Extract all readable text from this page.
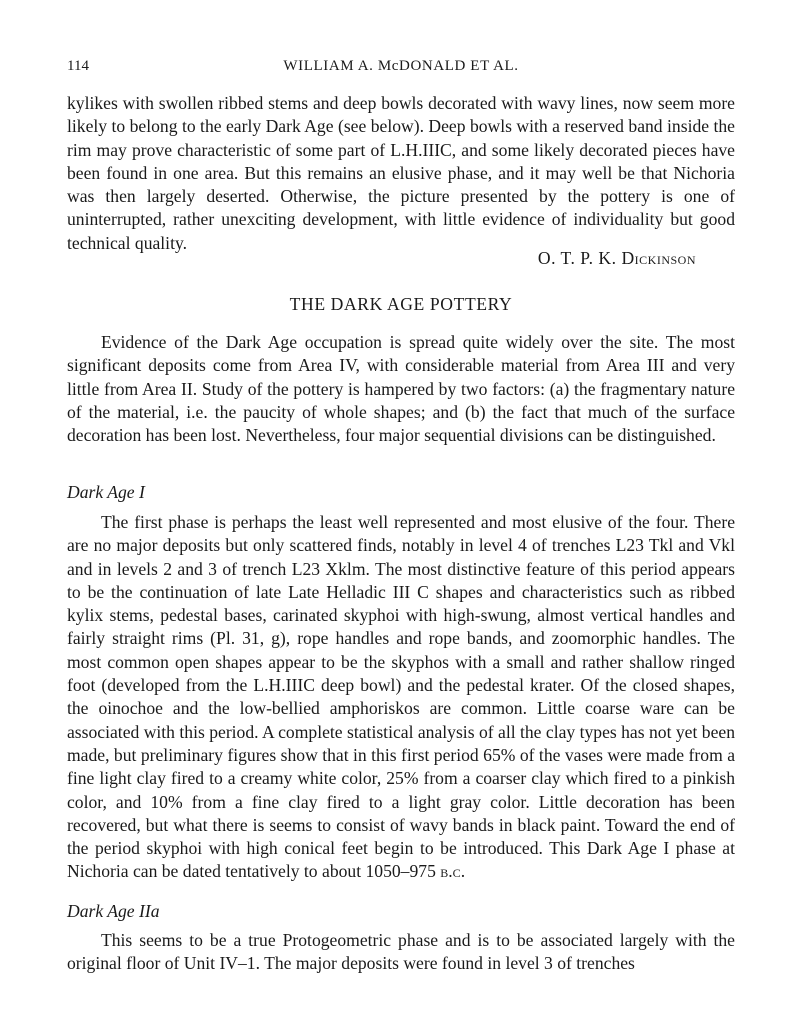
114	WILLIAM A. McDONALD ET AL.

kylikes with swollen ribbed stems and deep bowls decorated with wavy lines, now seem more likely to belong to the early Dark Age (see below). Deep bowls with a reserved band inside the rim may prove characteristic of some part of L.H.IIIC, and some likely decorated pieces have been found in one area. But this remains an elusive phase, and it may well be that Nichoria was then largely deserted. Otherwise, the picture presented by the pottery is one of uninterrupted, rather unexciting development, with little evidence of individuality but good technical quality.

O. T. P. K. Dickinson
THE DARK AGE POTTERY

Evidence of the Dark Age occupation is spread quite widely over the site. The most significant deposits come from Area IV, with considerable material from Area III and very little from Area II. Study of the pottery is hampered by two factors: (a) the fragmentary nature of the material, i.e. the paucity of whole shapes; and (b) the fact that much of the surface decoration has been lost. Nevertheless, four major sequential divisions can be distinguished.

Dark Age I

The first phase is perhaps the least well represented and most elusive of the four. There are no major deposits but only scattered finds, notably in level 4 of trenches L23 Tkl and Vkl and in levels 2 and 3 of trench L23 Xklm. The most distinctive feature of this period appears to be the continuation of late Late Helladic III C shapes and characteristics such as ribbed kylix stems, pedestal bases, carinated skyphoi with high-swung, almost vertical handles and fairly straight rims (Pl. 31, g), rope handles and rope bands, and zoomorphic handles. The most common open shapes appear to be the skyphos with a small and rather shallow ringed foot (developed from the L.H.IIIC deep bowl) and the pedestal krater. Of the closed shapes, the oinochoe and the low-bellied amphoriskos are common. Little coarse ware can be associated with this period. A complete statistical analysis of all the clay types has not yet been made, but preliminary figures show that in this first period 65% of the vases were made from a fine light clay fired to a creamy white color, 25% from a coarser clay which fired to a pinkish color, and 10% from a fine clay fired to a light gray color. Little decoration has been recovered, but what there is seems to consist of wavy bands in black paint. Toward the end of the period skyphoi with high conical feet begin to be introduced. This Dark Age I phase at Nichoria can be dated tentatively to about 1050–975 b.c.

Dark Age IIa

This seems to be a true Protogeometric phase and is to be associated largely with the original floor of Unit IV–1. The major deposits were found in level 3 of trenches
